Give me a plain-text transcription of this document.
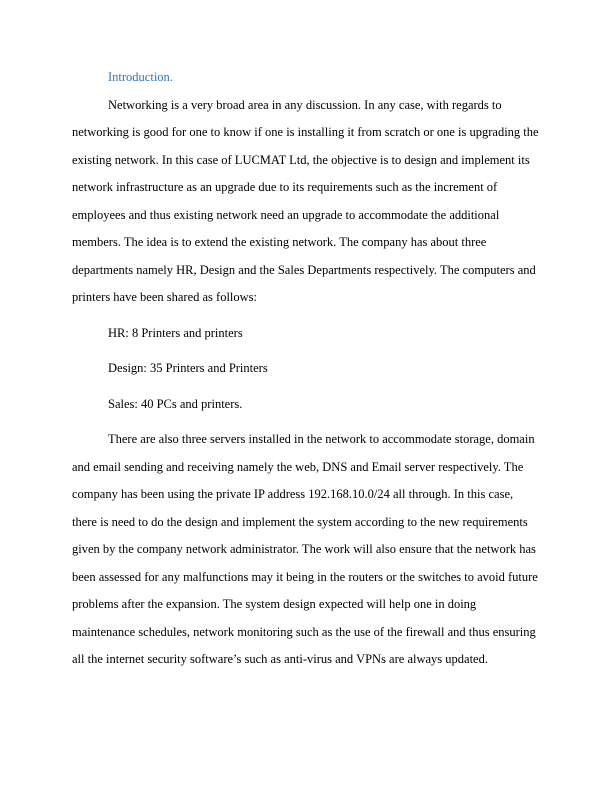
Introduction.

Networking is a very broad area in any discussion. In any case, with regards to networking is good for one to know if one is installing it from scratch or one is upgrading the existing network. In this case of LUCMAT Ltd, the objective is to design and implement its network infrastructure as an upgrade due to its requirements such as the increment of employees and thus existing network need an upgrade to accommodate the additional members. The idea is to extend the existing network. The company has about three departments namely HR, Design and the Sales Departments respectively. The computers and printers have been shared as follows:

HR: 8 Printers and printers

Design: 35 Printers and Printers

Sales: 40 PCs and printers.

There are also three servers installed in the network to accommodate storage, domain and email sending and receiving namely the web, DNS and Email server respectively. The company has been using the private IP address 192.168.10.0/24 all through. In this case, there is need to do the design and implement the system according to the new requirements given by the company network administrator. The work will also ensure that the network has been assessed for any malfunctions may it being in the routers or the switches to avoid future problems after the expansion. The system design expected will help one in doing maintenance schedules, network monitoring such as the use of the firewall and thus ensuring all the internet security software’s such as anti-virus and VPNs are always updated.
